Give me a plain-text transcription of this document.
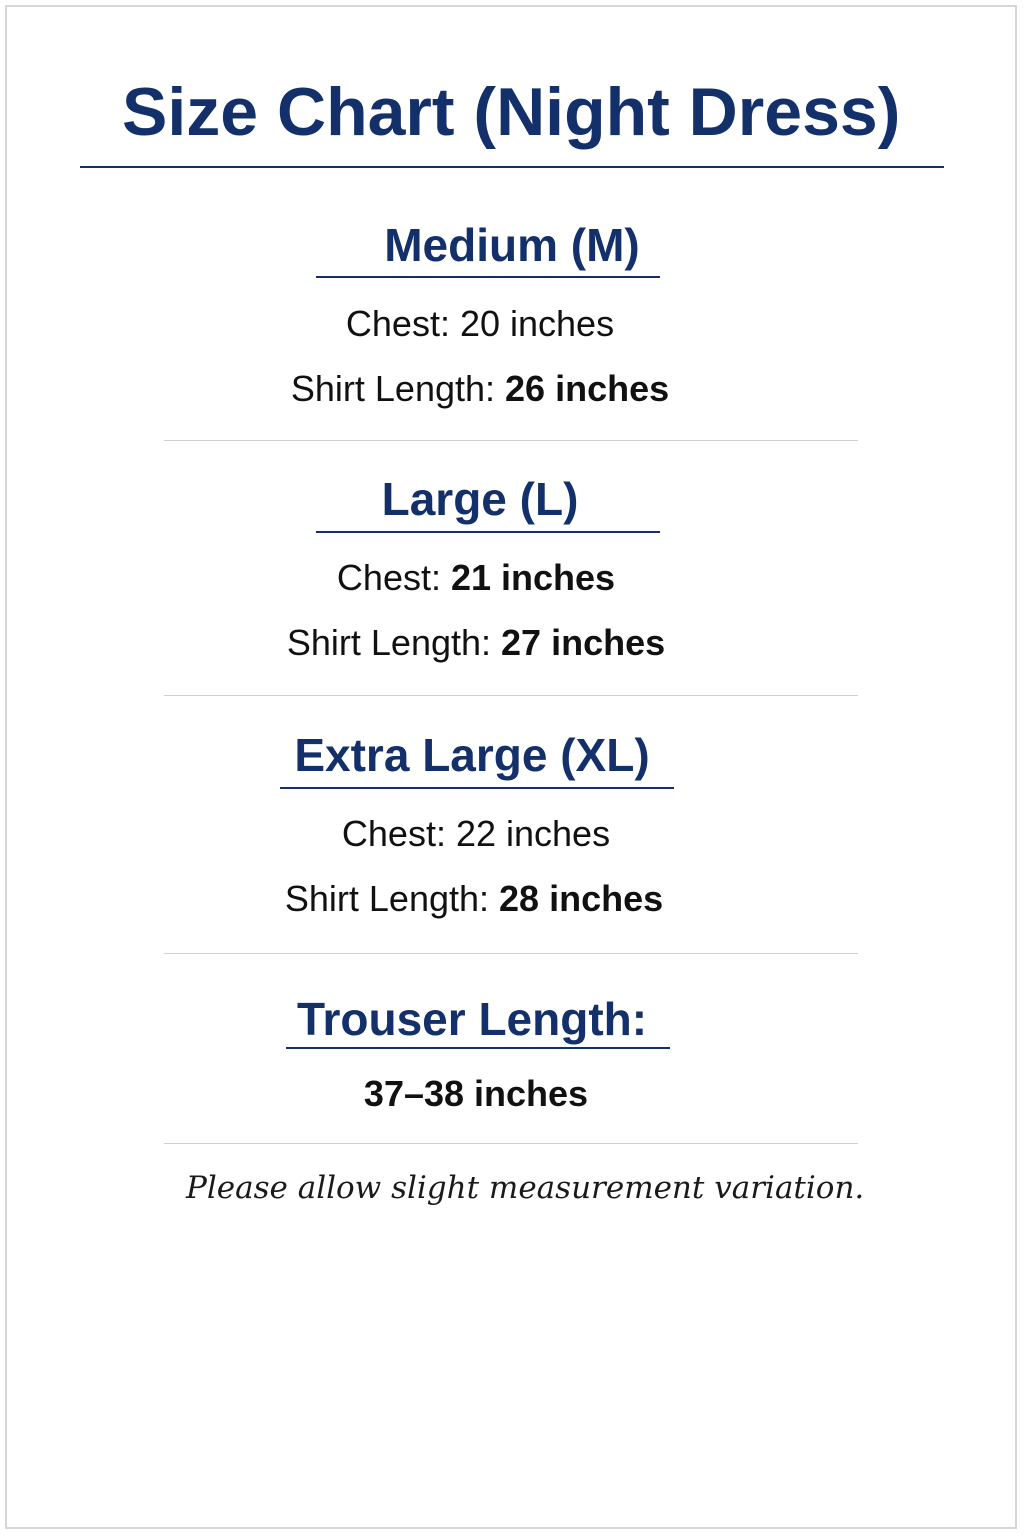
Size Chart (Night Dress)
Medium (M)
Chest: 20 inches
Shirt Length: 26 inches
Large (L)
Chest: 21 inches
Shirt Length: 27 inches
Extra Large (XL)
Chest: 22 inches
Shirt Length: 28 inches
Trouser Length:
37–38 inches
Please allow slight measurement variation.
